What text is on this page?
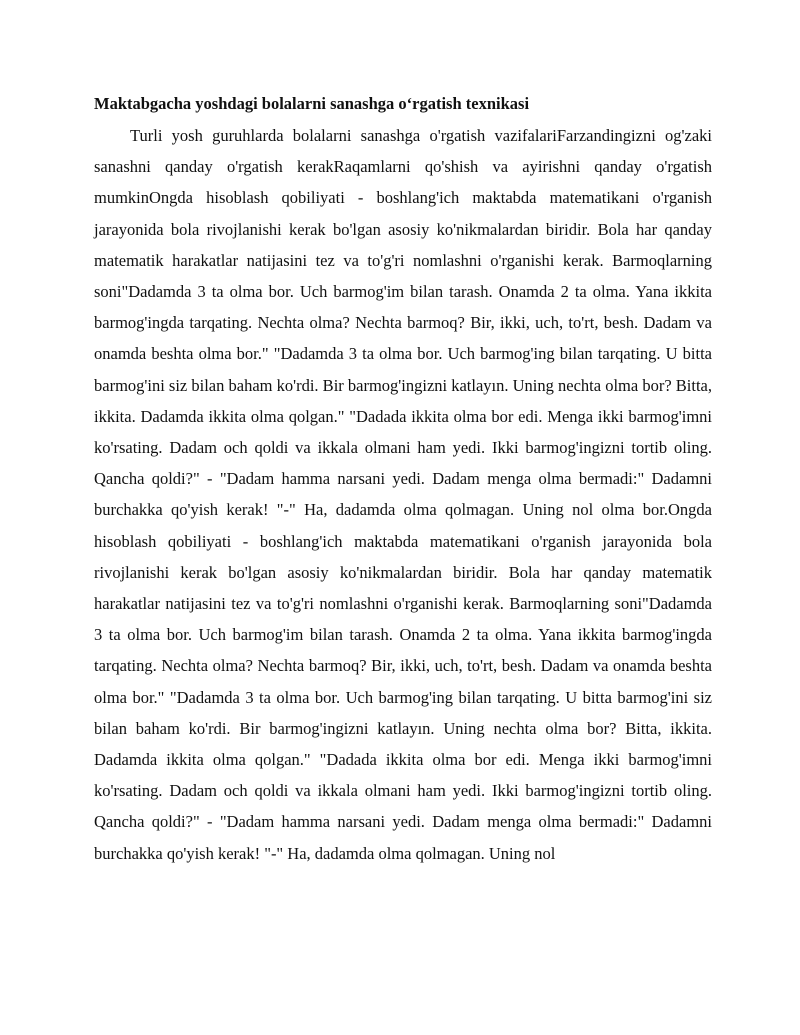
Maktabgacha yoshdagi bolalarni sanashga o‘rgatish texnikasi

Turli yosh guruhlarda bolalarni sanashga o'rgatish vazifalariFarzandingizni og'zaki sanashni qanday o'rgatish kerakRaqamlarni qo'shish va ayirishni qanday o'rgatish mumkinOngda hisoblash qobiliyati - boshlang'ich maktabda matematikani o'rganish jarayonida bola rivojlanishi kerak bo'lgan asosiy ko'nikmalardan biridir. Bola har qanday matematik harakatlar natijasini tez va to'g'ri nomlashni o'rganishi kerak. Barmoqlarning soni"Dadamda 3 ta olma bor. Uch barmog'im bilan tarash. Onamda 2 ta olma. Yana ikkita barmog'ingda tarqating. Nechta olma? Nechta barmoq? Bir, ikki, uch, to'rt, besh. Dadam va onamda beshta olma bor." "Dadamda 3 ta olma bor. Uch barmog'ing bilan tarqating. U bitta barmog'ini siz bilan baham ko'rdi. Bir barmog'ingizni katlayın. Uning nechta olma bor? Bitta, ikkita. Dadamda ikkita olma qolgan." "Dadada ikkita olma bor edi. Menga ikki barmog'imni ko'rsating. Dadam och qoldi va ikkala olmani ham yedi. Ikki barmog'ingizni tortib oling. Qancha qoldi?" - "Dadam hamma narsani yedi. Dadam menga olma bermadi:" Dadamni burchakka qo'yish kerak! "-" Ha, dadamda olma qolmagan. Uning nol olma bor.Ongda hisoblash qobiliyati - boshlang'ich maktabda matematikani o'rganish jarayonida bola rivojlanishi kerak bo'lgan asosiy ko'nikmalardan biridir. Bola har qanday matematik harakatlar natijasini tez va to'g'ri nomlashni o'rganishi kerak. Barmoqlarning soni"Dadamda 3 ta olma bor. Uch barmog'im bilan tarash. Onamda 2 ta olma. Yana ikkita barmog'ingda tarqating. Nechta olma? Nechta barmoq? Bir, ikki, uch, to'rt, besh. Dadam va onamda beshta olma bor." "Dadamda 3 ta olma bor. Uch barmog'ing bilan tarqating. U bitta barmog'ini siz bilan baham ko'rdi. Bir barmog'ingizni katlayın. Uning nechta olma bor? Bitta, ikkita. Dadamda ikkita olma qolgan." "Dadada ikkita olma bor edi. Menga ikki barmog'imni ko'rsating. Dadam och qoldi va ikkala olmani ham yedi. Ikki barmog'ingizni tortib oling. Qancha qoldi?" - "Dadam hamma narsani yedi. Dadam menga olma bermadi:" Dadamni burchakka qo'yish kerak! "-" Ha, dadamda olma qolmagan. Uning nol
